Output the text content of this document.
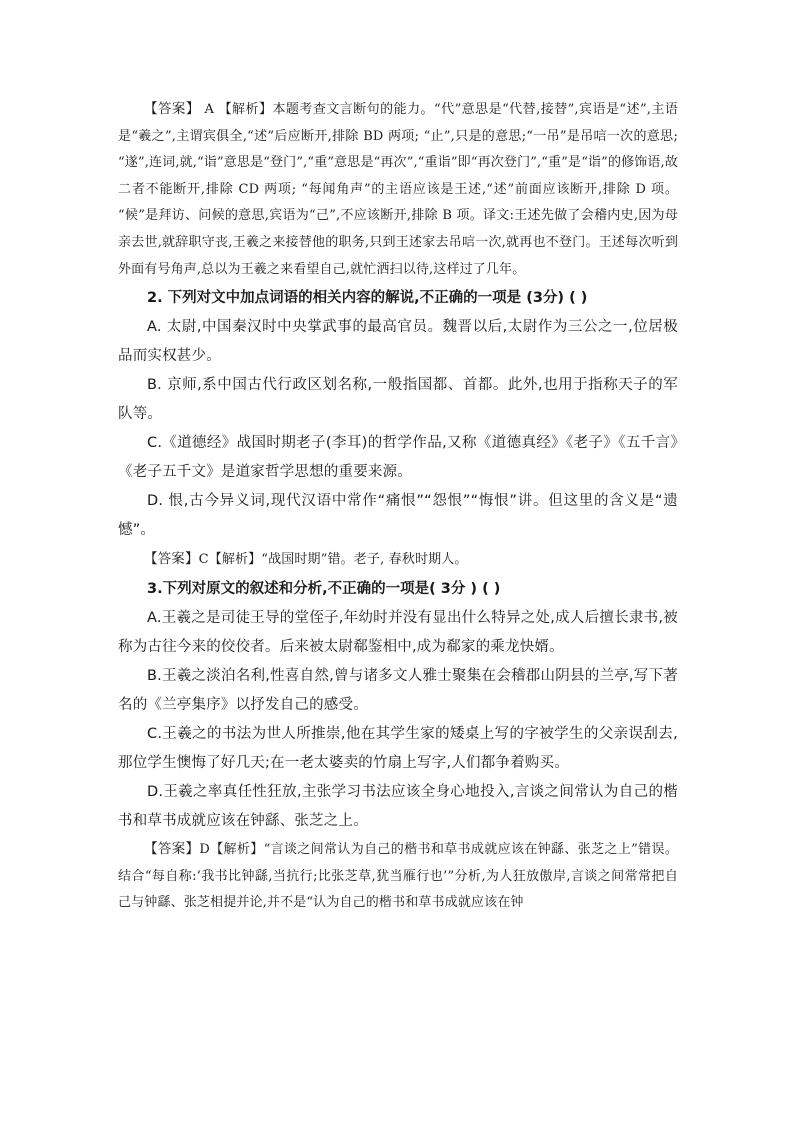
【答案】 A 【解析】本题考查文言断句的能力。“代”意思是“代替,接替”,宾语是“述”,主语是“羲之”,主谓宾俱全,“述”后应断开,排除 BD 两项; “止”,只是的意思;“一吊”是吊唁一次的意思; “遂”,连词,就,“诣”意思是“登门”,“重”意思是“再次”,“重诣”即“再次登门”,“重”是“诣”的修饰语,故二者不能断开,排除 CD 两项; “每闻角声”的主语应该是王述,“述”前面应该断开,排除 D 项。 “候”是拜访、问候的意思,宾语为“己”,不应该断开,排除 B 项。译文:王述先做了会稽内史,因为母亲去世,就辞职守丧,王羲之来接替他的职务,只到王述家去吊唁一次,就再也不登门。王述每次听到外面有号角声,总以为王羲之来看望自己,就忙洒扫以待,这样过了几年。

2. 下列对文中加点词语的相关内容的解说,不正确的一项是 (3分) ( )

A. 太尉,中国秦汉时中央掌武事的最高官员。魏晋以后,太尉作为三公之一,位居极品而实权甚少。

B. 京师,系中国古代行政区划名称,一般指国都、首都。此外,也用于指称天子的军队等。

C.《道德经》战国时期老子(李耳)的哲学作品,又称《道德真经》《老子》《五千言》《老子五千文》是道家哲学思想的重要来源。

D. 恨,古今异义词,现代汉语中常作“痛恨”“怨恨”“悔恨”讲。但这里的含义是“遗憾”。

【答案】C【解析】“战国时期”错。老子, 春秋时期人。

3.下列对原文的叙述和分析,不正确的一项是( 3分 ) ( )

A.王羲之是司徒王导的堂侄子,年幼时并没有显出什么特异之处,成人后擅长隶书,被称为古往今来的佼佼者。后来被太尉郗鉴相中,成为郗家的乘龙快婿。

B.王羲之淡泊名利,性喜自然,曾与诸多文人雅士聚集在会稽郡山阴县的兰亭,写下著名的《兰亭集序》以抒发自己的感受。

C.王羲之的书法为世人所推崇,他在其学生家的矮桌上写的字被学生的父亲误刮去,那位学生懊悔了好几天;在一老太婆卖的竹扇上写字,人们都争着购买。

D.王羲之率真任性狂放,主张学习书法应该全身心地投入,言谈之间常认为自己的楷书和草书成就应该在钟繇、张芝之上。

【答案】D【解析】“言谈之间常认为自己的楷书和草书成就应该在钟繇、张芝之上”错误。结合“每自称:‘我书比钟繇,当抗行;比张芝草,犹当雁行也’”分析,为人狂放傲岸,言谈之间常常把自己与钟繇、张芝相提并论,并不是“认为自己的楷书和草书成就应该在钟
